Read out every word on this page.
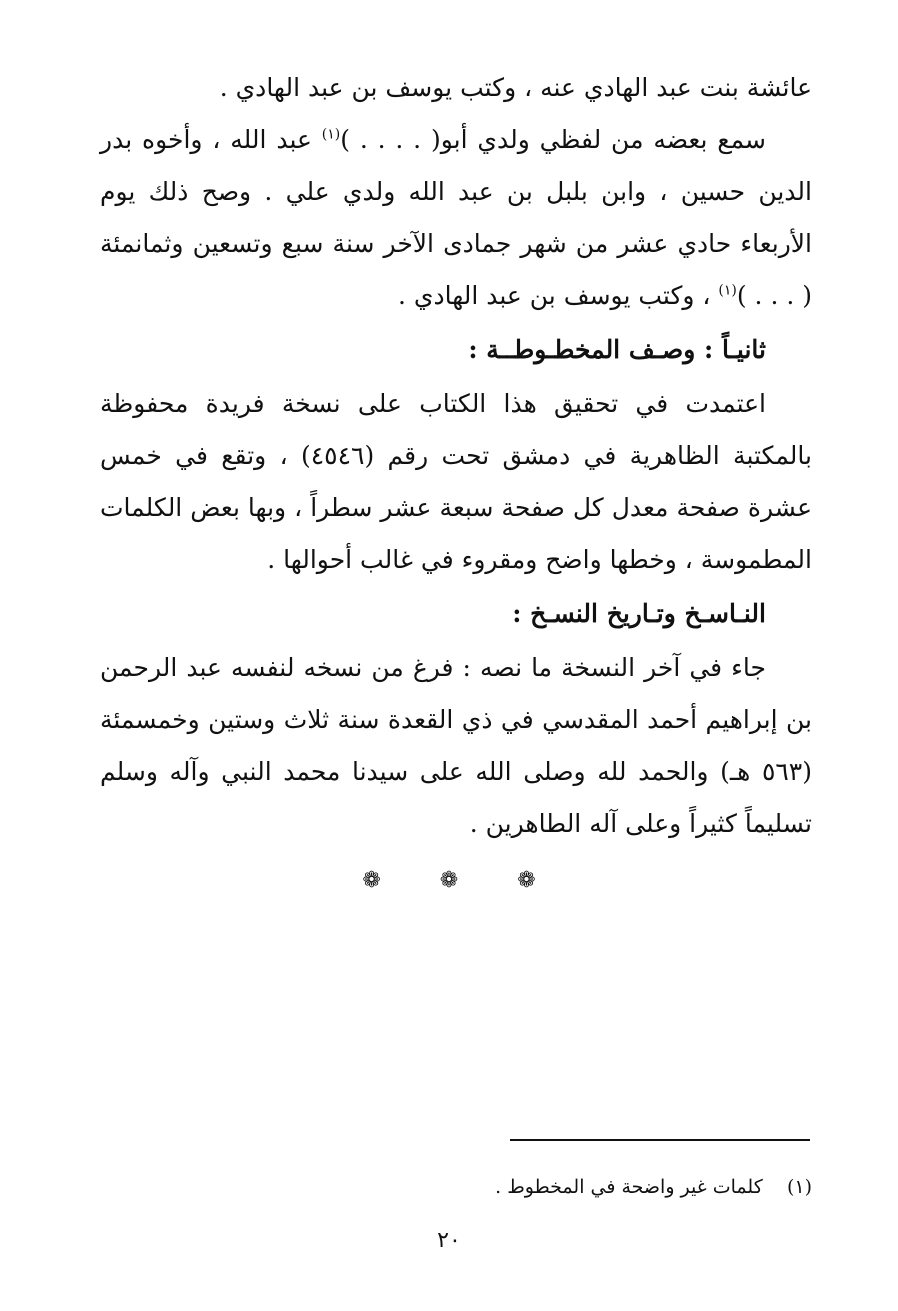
عائشة بنت عبد الهادي عنه ، وكتب يوسف بن عبد الهادي .

سمع بعضه من لفظي ولدي أبو( . . . . )$^{(١)}$ عبد الله ، وأخوه بدر الدين حسين ، وابن بلبل بن عبد الله ولدي علي . وصح ذلك يوم الأربعاء حادي عشر من شهر جمادى الآخر سنة سبع وتسعين وثمانمئة ( . . . )$^{(١)}$ ، وكتب يوسف بن عبد الهادي .

ثانيـاً : وصـف المخطـوطــة :

اعتمدت في تحقيق هذا الكتاب على نسخة فريدة محفوظة بالمكتبة الظاهرية في دمشق تحت رقم (٤٥٤٦) ، وتقع في خمس عشرة صفحة معدل كل صفحة سبعة عشر سطراً ، وبها بعض الكلمات المطموسة ، وخطها واضح ومقروء في غالب أحوالها .

النـاسـخ وتـاريخ النسـخ :

جاء في آخر النسخة ما نصه : فرغ من نسخه لنفسه عبد الرحمن بن إبراهيم أحمد المقدسي في ذي القعدة سنة ثلاث وستين وخمسمئة (٥٦٣ هـ) والحمد لله وصلى الله على سيدنا محمد النبي وآله وسلم تسليماً كثيراً وعلى آله الطاهرين .

❁ ❁ ❁
(١)    كلمات غير واضحة في المخطوط .
٢٠
